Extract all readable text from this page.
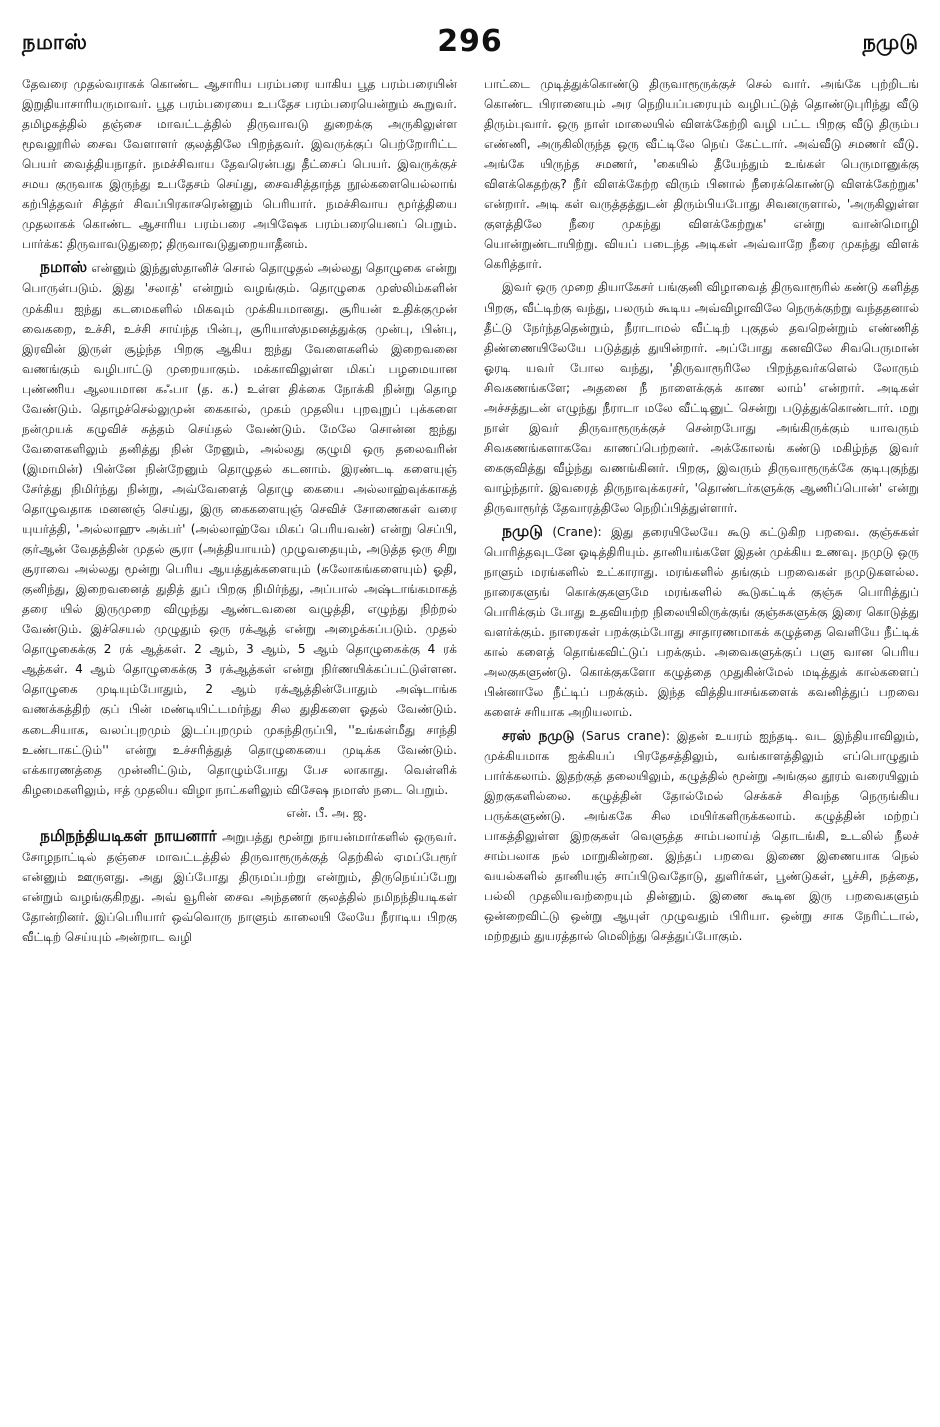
நமாஸ்	296	நமுடு

தேவரை முதல்வராகக் கொண்ட ஆசாரிய பரம்பரை யாகிய பூத பரம்பரையின் இறுதியாசாரியருமாவர். பூத பரம்பரையை உபதேச பரம்பரையென்றும் கூறுவர். தமிழகத்தில் தஞ்சை மாவட்டத்தில் திருவாவடு துறைக்கு அருகிலுள்ள மூவலூரில் சைவ வேளாளர் குலத்திலே பிறந்தவர். இவருக்குப் பெற்றோரிட்ட பெயர் வைத்தியநாதர். நமச்சிவாய தேவரென்பது தீட்சைப் பெயர். இவருக்குச் சமய குருவாக இருந்து உபதேசம் செய்து, சைவசித்தாந்த நூல்களையெல்லாங் கற்பித்தவர் சித்தர் சிவப்பிரகாசரென்னும் பெரியார். நமச்சிவாய மூர்த்தியை முதலாகக் கொண்ட ஆசாரிய பரம்பரை அபிஷேக பரம்பரையெனப் பெறும். பார்க்க: திருவாவடுதுறை; திருவாவடுதுறையாதீனம்.

நமாஸ் என்னும் இந்துஸ்தானிச் சொல் தொழுதல் அல்லது தொழுகை என்று பொருள்படும். இது 'சலாத்' என்றும் வழங்கும். தொழுகை முஸ்லிம்களின் முக்கிய ஐந்து கடமைகளில் மிகவும் முக்கியமானது. சூரியன் உதிக்குமுன் வைகறை, உச்சி, உச்சி சாய்ந்த பின்பு, சூரியாஸ்தமனத்துக்கு முன்பு, பின்பு, இரவின் இருள் சூழ்ந்த பிறகு ஆகிய ஐந்து வேளைகளில் இறைவனை வணங்கும் வழிபாட்டு முறையாகும். மக்காவிலுள்ள மிகப் பழமையான புண்ணிய ஆலயமான கஃபா (த. க.) உள்ள திக்கை நோக்கி நின்று தொழ வேண்டும். தொழச்செல்லுமுன் கைகால், முகம் முதலிய புறவுறுப் புக்களை நன்முயக் கழுவிச் சுத்தம் செய்தல் வேண்டும். மேலே சொன்ன ஐந்து வேளைகளிலும் தனித்து நின் றேனும், அல்லது குழுமி ஒரு தலைவரின் (இமாமின்) பின்னே நின்றேனும் தொழுதல் கடனாம். இரண்டடி களையுஞ் சேர்த்து நிமிர்ந்து நின்று, அவ்வேளைத் தொழு கையை அல்லாஹ்வுக்காகத் தொழுவதாக மனனஞ் செய்து, இரு கைகளையுஞ் செவிச் சோணைகள் வரை யுயர்த்தி, 'அல்லாஹு அக்பர்' (அல்லாஹ்வே மிகப் பெரியவன்) என்று செப்பி, குர்ஆன் வேதத்தின் முதல் சூரா (அத்தியாயம்) முழுவதையும், அடுத்த ஒரு சிறு சூராவை அல்லது மூன்று பெரிய ஆயத்துக்களையும் (சுலோகங்களையும்) ஓதி, குனிந்து, இறைவனைத் துதித் துப் பிறகு நிமிர்ந்து, அப்பால் அஷ்டாங்கமாகத் தரை யில் இருமுறை விழுந்து ஆண்டவனை வழுத்தி, எழுந்து நிற்றல் வேண்டும். இச்செயல் முழுதும் ஒரு ரக்ஆத் என்று அழைக்கப்படும். முதல் தொழுகைக்கு 2 ரக் ஆத்கள். 2 ஆம், 3 ஆம், 5 ஆம் தொழுகைக்கு 4 ரக் ஆத்கள். 4 ஆம் தொழுகைக்கு 3 ரக்ஆத்கள் என்று நிர்ணயிக்கப்பட்டுள்ளன. தொழுகை முடியும்போதும், 2 ஆம் ரக்ஆத்தின்போதும் அஷ்டாங்க வணக்கத்திற் குப் பின் மண்டியிட்டமர்ந்து சில துதிகளை ஓதல் வேண்டும். கடைசியாக, வலப்புறமும் இடப்புறமும் முகந்திருப்பி, ''உங்கள்மீது சாந்தி உண்டாகட்டும்'' என்று உச்சரித்துத் தொழுகையை முடிக்க வேண்டும். எக்காரணத்தை முன்னிட்டும், தொழும்போது பேச லாகாது. வெள்ளிக் கிழமைகளிலும், ஈத் முதலிய விழா நாட்களிலும் விசேஷ நமாஸ் நடை பெறும்.

என். பீ. அ. ஜ.

நமிநந்தியடிகள் நாயனார் அறுபத்து மூன்று நாயன்மார்களில் ஒருவர். சோழநாட்டில் தஞ்சை மாவட்டத்தில் திருவாரூருக்குத் தெற்கில் ஏமப்பேரூர் என்னும் ஊருளது. அது இப்போது திருமப்பற்று என்றும், திருநெய்ப்பேறு என்றும் வழங்குகிறது. அவ் வூரின் சைவ அந்தணர் குலத்தில் நமிநந்தியடிகள் தோன்றினர். இப்பெரியார் ஒவ்வொரு நாளும் காலையி லேயே நீராடிய பிறகு வீட்டிற் செய்யும் அன்றாட வழி

பாட்டை முடித்துக்கொண்டு திருவாரூருக்குச் செல் வார். அங்கே புற்றிடங் கொண்ட பிரானையும் அர நெறியப்பரையும் வழிபட்டுத் தொண்டுபுரிந்து வீடு திரும்புவார். ஒரு நாள் மாலையில் விளக்கேற்றி வழி பட்ட பிறகு வீடு திரும்ப எண்ணி, அருகிலிருந்த ஒரு வீட்டிலே நெய் கேட்டார். அவ்வீடு சமணர் வீடு. அங்கே யிருந்த சமணர், 'கையில் தீயேந்தும் உங்கள் பெருமானுக்கு விளக்கெதற்கு? நீர் விளக்கேற்ற விரும் பினால் நீரைக்கொண்டு விளக்கேற்றுக' என்றார். அடி கள் வருத்தத்துடன் திரும்பியபோது சிவனருளால், 'அருகிலுள்ள குளத்திலே நீரை முகந்து விளக்கேற்றுக' என்று வான்மொழி யொன்றுண்டாயிற்று. வியப் படைந்த அடிகள் அவ்வாறே நீரை முகந்து விளக் கெரித்தார்.

இவர் ஒரு முறை தியாகேசர் பங்குனி விழாவைத் திருவாரூரில் கண்டு களித்த பிறகு, வீட்டிற்கு வந்து, பலரும் கூடிய அவ்விழாவிலே நெருக்குற்று வந்ததனால் தீட்டு நேர்ந்ததென்றும், நீராடாமல் வீட்டிற் புகுதல் தவறென்றும் எண்ணித் திண்ணையிலேயே படுத்துத் துயின்றார். அப்போது கனவிலே சிவபெருமான் ஓரடி யவர் போல வந்து, 'திருவாரூரிலே பிறந்தவர்களெல் லோரும் சிவகணங்களே; அதனை நீ நாளைக்குக் காண லாம்' என்றார். அடிகள் அச்சத்துடன் எழுந்து நீராடா மலே வீட்டினுட் சென்று படுத்துக்கொண்டார். மறு நாள் இவர் திருவாரூருக்குச் சென்றபோது அங்கிருக்கும் யாவரும் சிவகணங்களாகவே காணப்பெற்றனர். அக்கோலங் கண்டு மகிழ்ந்த இவர் கைகுவித்து வீழ்ந்து வணங்கினர். பிறகு, இவரும் திருவாரூருக்கே குடிபுகுந்து வாழ்ந்தார். இவரைத் திருநாவுக்கரசர், 'தொண்டர்களுக்கு ஆணிப்பொன்' என்று திருவாரூர்த் தேவாரத்திலே நெறிப்பித்துள்ளார்.

நமுடு (Crane): இது தரையிலேயே கூடு கட்டுகிற பறவை. குஞ்சுகள் பொரித்தவுடனே ஓடித்திரியும். தானியங்களே இதன் முக்கிய உணவு. நமுடு ஒரு நாளும் மரங்களில் உட்காராது. மரங்களில் தங்கும் பறவைகள் நமுடுகளல்ல. நாரைகளுங் கொக்குகளுமே மரங்களில் கூடுகட்டிக் குஞ்சு பொரித்துப் பொரிக்கும் போது உதவியற்ற நிலையிலிருக்குங் குஞ்சுகளுக்கு இரை கொடுத்து வளர்க்கும். நாரைகள் பறக்கும்போது சாதாரணமாகக் கழுத்தை வெளியே நீட்டிக் கால் களைத் தொங்கவிட்டுப் பறக்கும். அவைகளுக்குப் பளு வான பெரிய அலகுகளுண்டு. கொக்குகளோ கழுத்தை முதுகின்மேல் மடித்துக் கால்களைப் பின்னாலே நீட்டிப் பறக்கும். இந்த வித்தியாசங்களைக் கவனித்துப் பறவை களைச் சரியாக அறியலாம்.

சரஸ் நமுடு (Sarus crane): இதன் உயரம் ஐந்தடி. வட இந்தியாவிலும், முக்கியமாக ஐக்கியப் பிரதேசத்திலும், வங்காளத்திலும் எப்பொழுதும் பார்க்கலாம். இதற்குத் தலையிலும், கழுத்தில் மூன்று அங்குல தூரம் வரையிலும் இறகுகளில்லை. கழுத்தின் தோல்மேல் செக்கச் சிவந்த நெருங்கிய பருக்களுண்டு. அங்ககே சில மயிர்களிருக்கலாம். கழுத்தின் மற்றப் பாகத்திலுள்ள இறகுகள் வெளுத்த சாம்பலாய்த் தொடங்கி, உடலில் நீலச் சாம்பலாக நல் மாறுகின்றன. இந்தப் பறவை இணை இணையாக நெல் வயல்களில் தானியஞ் சாப்பிடுவதோடு, துளிர்கள், பூண்டுகள், பூச்சி, நத்தை, பல்லி முதலியவற்றையும் தின்னும். இணை கூடின இரு பறவைகளும் ஒன்றைவிட்டு ஒன்று ஆயுள் முழுவதும் பிரியா. ஒன்று சாக நேரிட்டால், மற்றதும் துயரத்தால் மெலிந்து செத்துப்போகும்.
